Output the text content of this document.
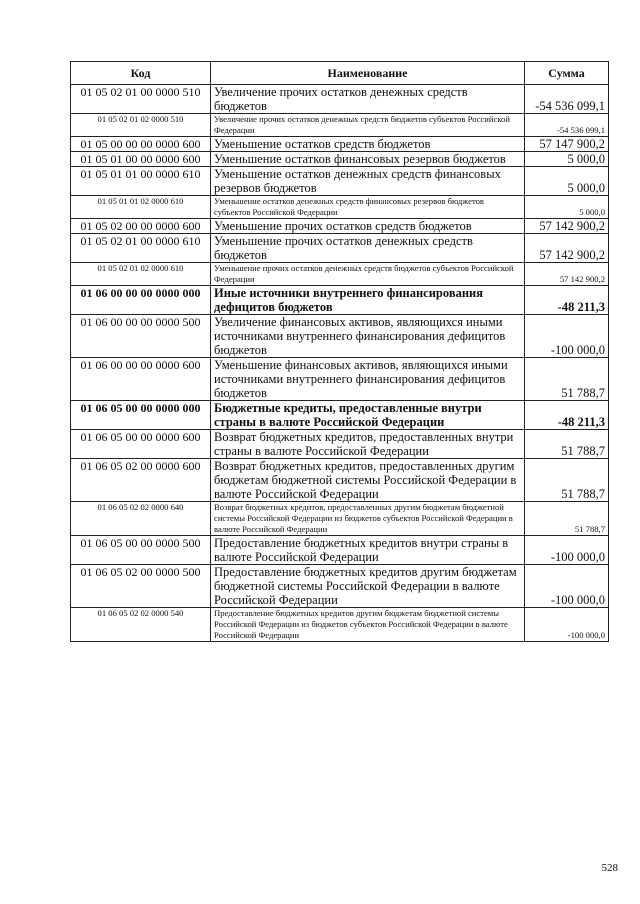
Код	Наименование	Сумма
01 05 02 01 00 0000 510	Увеличение прочих остатков денежных средств бюджетов	-54 536 099,1
01 05 02 01 02 0000 510	Увеличение прочих остатков денежных средств бюджетов субъектов Российской Федерации	-54 536 099,1
01 05 00 00 00 0000 600	Уменьшение остатков средств бюджетов	57 147 900,2
01 05 01 00 00 0000 600	Уменьшение остатков финансовых резервов бюджетов	5 000,0
01 05 01 01 00 0000 610	Уменьшение остатков денежных средств финансовых резервов бюджетов	5 000,0
01 05 01 01 02 0000 610	Уменьшение остатков денежных средств финансовых резервов бюджетов субъектов Российской Федерации	5 000,0
01 05 02 00 00 0000 600	Уменьшение прочих остатков средств бюджетов	57 142 900,2
01 05 02 01 00 0000 610	Уменьшение прочих остатков денежных средств бюджетов	57 142 900,2
01 05 02 01 02 0000 610	Уменьшение прочих остатков денежных средств бюджетов субъектов Российской Федерации	57 142 900,2
01 06 00 00 00 0000 000	Иные источники внутреннего финансирования дефицитов бюджетов	-48 211,3
01 06 00 00 00 0000 500	Увеличение финансовых активов, являющихся иными источниками внутреннего финансирования дефицитов бюджетов	-100 000,0
01 06 00 00 00 0000 600	Уменьшение финансовых активов, являющихся иными источниками внутреннего финансирования дефицитов бюджетов	51 788,7
01 06 05 00 00 0000 000	Бюджетные кредиты, предоставленные внутри страны в валюте Российской Федерации	-48 211,3
01 06 05 00 00 0000 600	Возврат бюджетных кредитов, предоставленных внутри страны в валюте Российской Федерации	51 788,7
01 06 05 02 00 0000 600	Возврат бюджетных кредитов, предоставленных другим бюджетам бюджетной системы Российской Федерации в валюте Российской Федерации	51 788,7
01 06 05 02 02 0000 640	Возврат бюджетных кредитов, предоставленных другим бюджетам бюджетной системы Российской Федерации из бюджетов субъектов Российской Федерации в валюте Российской Федерации	51 788,7
01 06 05 00 00 0000 500	Предоставление бюджетных кредитов внутри страны в валюте Российской Федерации	-100 000,0
01 06 05 02 00 0000 500	Предоставление бюджетных кредитов другим бюджетам бюджетной системы Российской Федерации в валюте Российской Федерации	-100 000,0
01 06 05 02 02 0000 540	Предоставление бюджетных кредитов другим бюджетам бюджетной системы Российской Федерации из бюджетов субъектов Российской Федерации в валюте Российской Федерации	-100 000,0
528
